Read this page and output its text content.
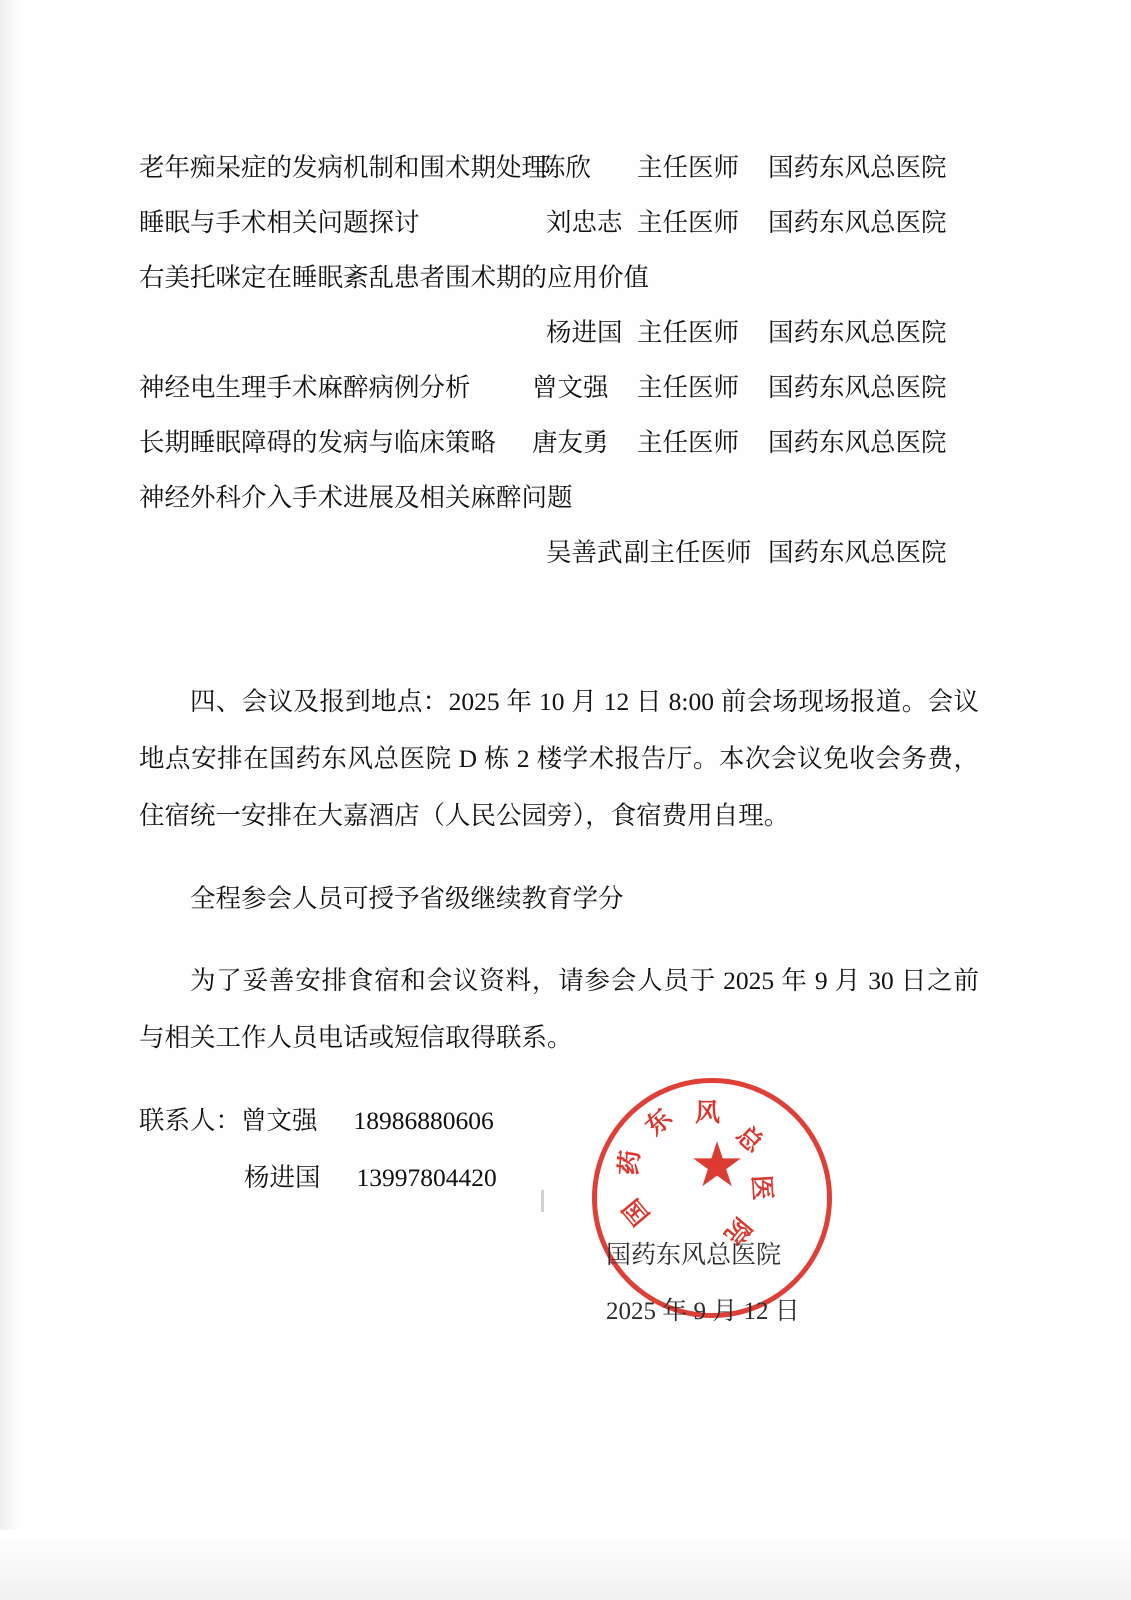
老年痴呆症的发病机制和围术期处理
陈欣 主任医师 国药东风总医院
睡眠与手术相关问题探讨	刘忠志 主任医师 国药东风总医院
右美托咪定在睡眠紊乱患者围术期的应用价值
杨进国 主任医师 国药东风总医院
神经电生理手术麻醉病例分析 曾文强 主任医师 国药东风总医院
长期睡眠障碍的发病与临床策略 唐友勇 主任医师 国药东风总医院
神经外科介入手术进展及相关麻醉问题
吴善武 副主任医师 国药东风总医院

四、会议及报到地点：2025 年 10 月 12 日 8:00 前会场现场报道。会议地点安排在国药东风总医院 D 栋 2 楼学术报告厅。本次会议免收会务费，住宿统一安排在大嘉酒店（人民公园旁），食宿费用自理。

全程参会人员可授予省级继续教育学分

为了妥善安排食宿和会议资料，请参会人员于 2025 年 9 月 30 日之前与相关工作人员电话或短信取得联系。

联系人：曾文强 18986880606
杨进国 13997804420
国
药
东 风
总
医
院
★
国药东风总医院
2025 年 9 月 12 日
